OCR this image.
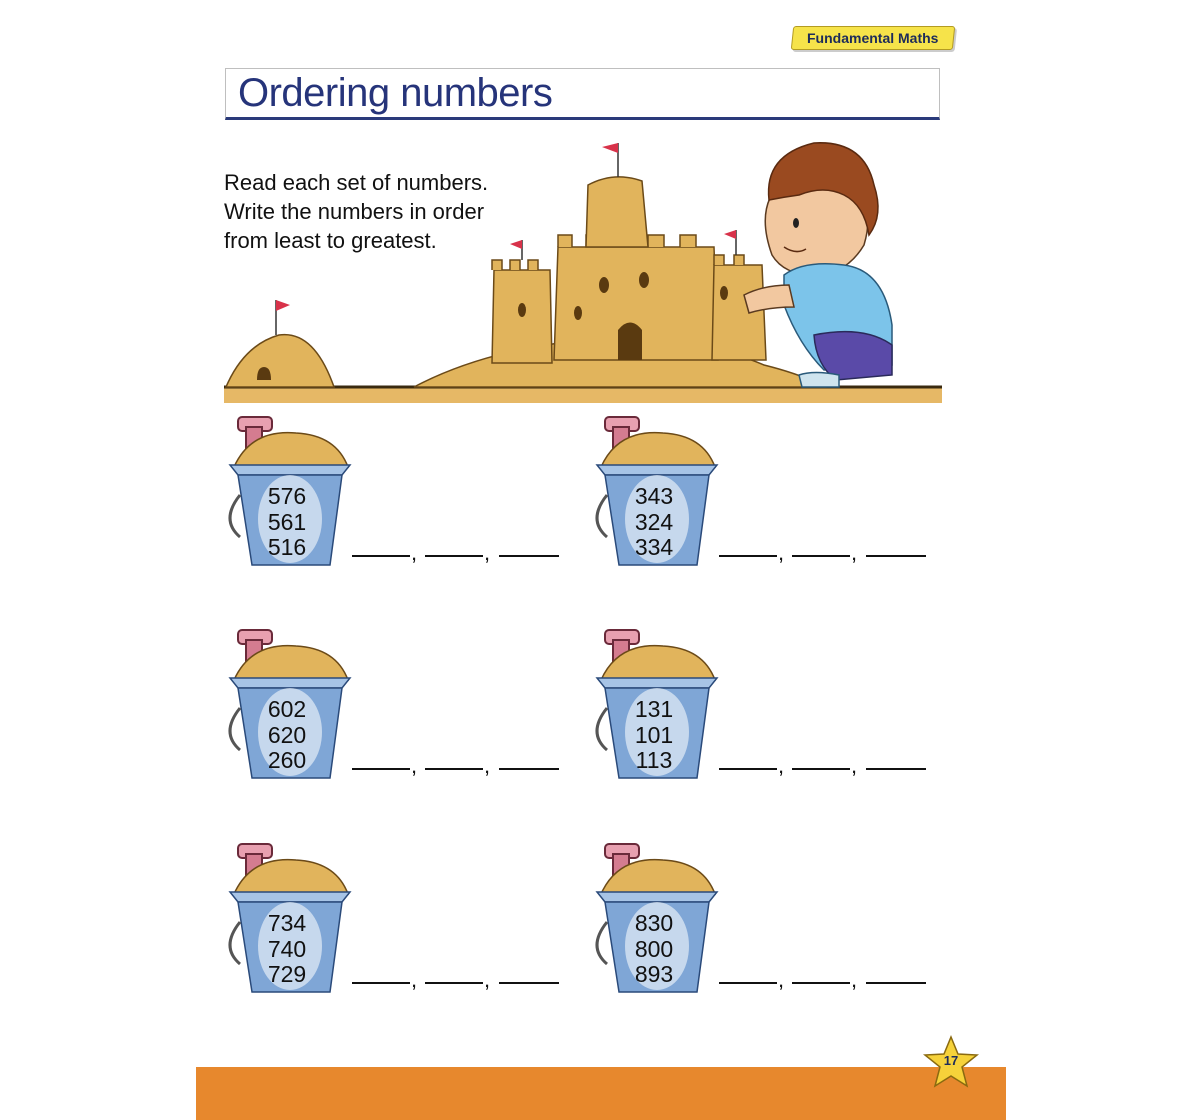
Fundamental Maths
Ordering numbers
Read each set of numbers.
Write the numbers in order
from least to greatest.
576
561
516	,	,
343
324
334	,	,
602
620
260	,	,
131
101
113	,	,
734
740
729	,	,
830
800
893	,	,
17
